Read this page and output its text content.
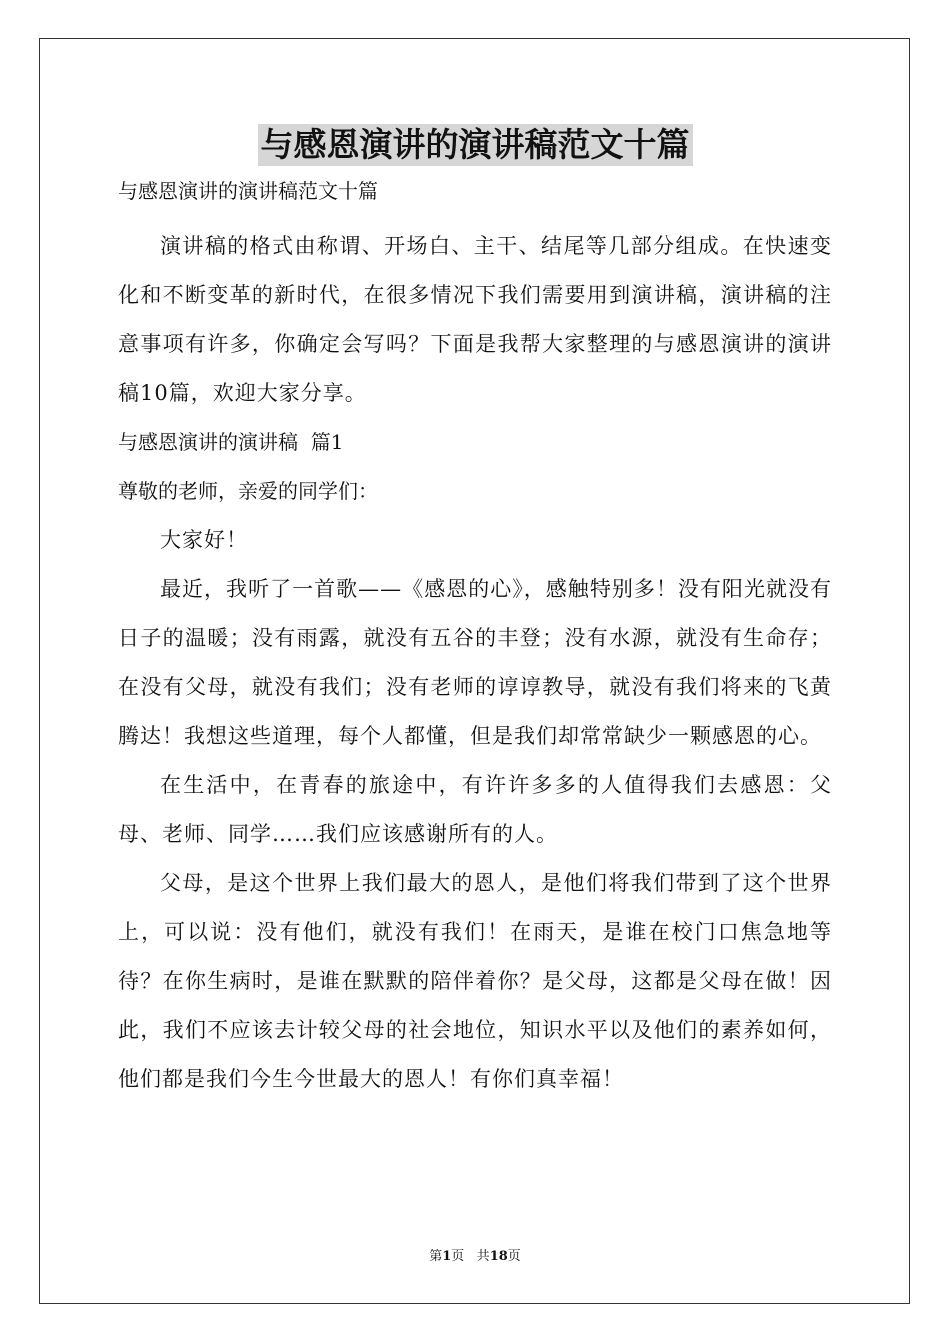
与感恩演讲的演讲稿范文十篇
与感恩演讲的演讲稿范文十篇

演讲稿的格式由称谓、开场白、主干、结尾等几部分组成。在快速变化和不断变革的新时代，在很多情况下我们需要用到演讲稿，演讲稿的注意事项有许多，你确定会写吗？下面是我帮大家整理的与感恩演讲的演讲稿10篇，欢迎大家分享。

与感恩演讲的演讲稿  篇1
尊敬的老师，亲爱的同学们：

大家好！

最近，我听了一首歌——《感恩的心》，感触特别多！没有阳光就没有日子的温暖；没有雨露，就没有五谷的丰登；没有水源，就没有生命存；在没有父母，就没有我们；没有老师的谆谆教导，就没有我们将来的飞黄腾达！我想这些道理，每个人都懂，但是我们却常常缺少一颗感恩的心。

在生活中，在青春的旅途中，有许许多多的人值得我们去感恩：父母、老师、同学……我们应该感谢所有的人。

父母，是这个世界上我们最大的恩人，是他们将我们带到了这个世界上，可以说：没有他们，就没有我们！在雨天，是谁在校门口焦急地等待？在你生病时，是谁在默默的陪伴着你？是父母，这都是父母在做！因此，我们不应该去计较父母的社会地位，知识水平以及他们的素养如何，他们都是我们今生今世最大的恩人！有你们真幸福！

第1页 共18页
